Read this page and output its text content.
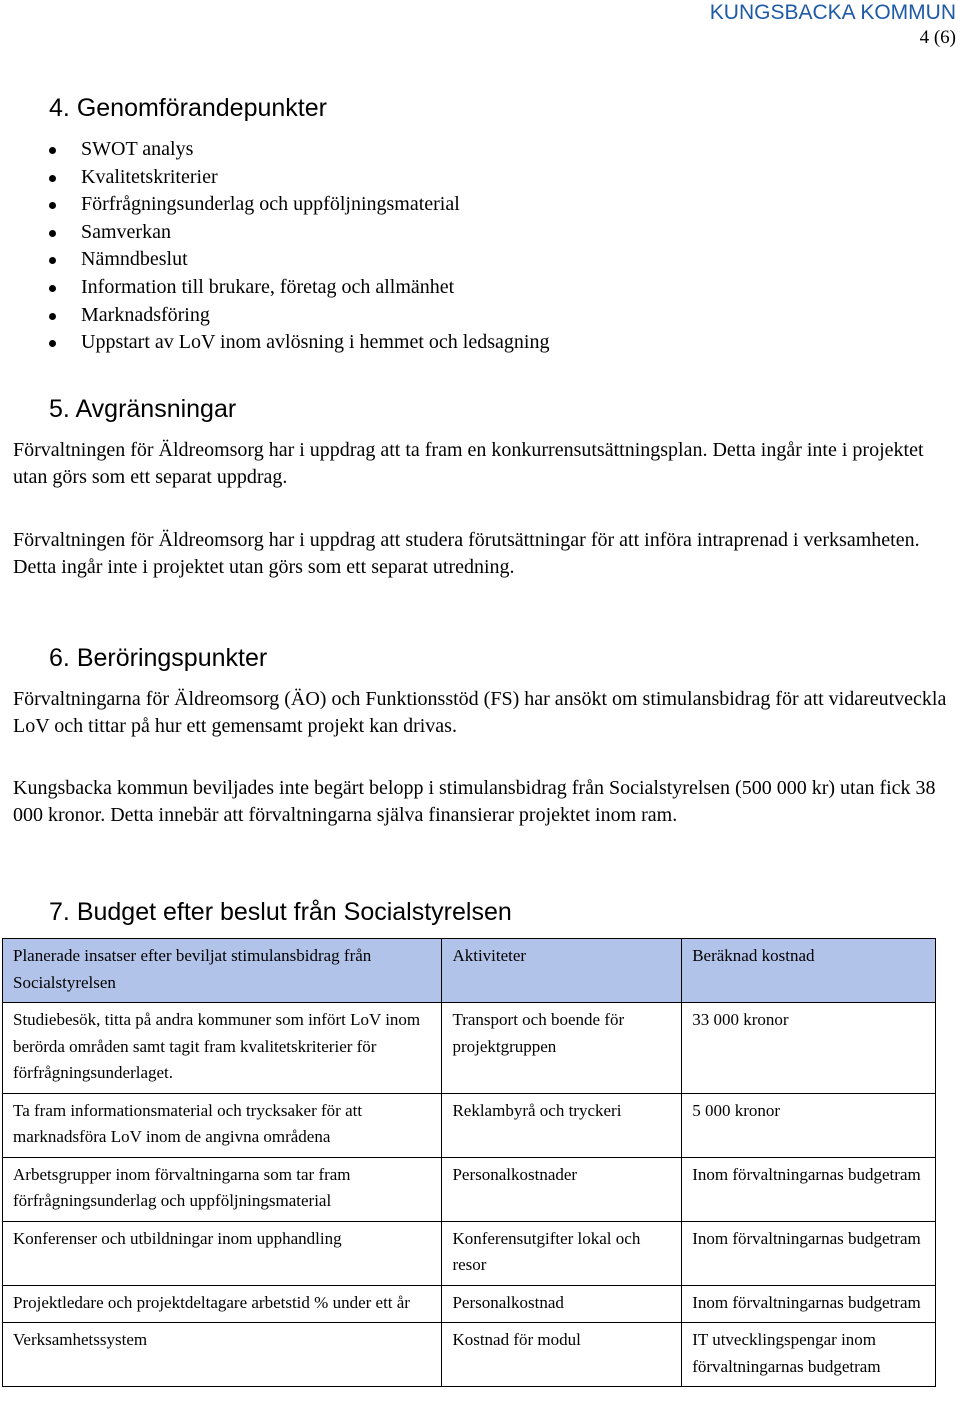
KUNGSBACKA KOMMUN
4 (6)
4. Genomförandepunkter
SWOT analys
Kvalitetskriterier
Förfrågningsunderlag och uppföljningsmaterial
Samverkan
Nämndbeslut
Information till brukare, företag och allmänhet
Marknadsföring
Uppstart av LoV inom avlösning i hemmet och ledsagning
5. Avgränsningar

Förvaltningen för Äldreomsorg har i uppdrag att ta fram en konkurrensutsättningsplan. Detta ingår inte i projektet utan görs som ett separat uppdrag.

Förvaltningen för Äldreomsorg har i uppdrag att studera förutsättningar för att införa intraprenad i verksamheten. Detta ingår inte i projektet utan görs som ett separat utredning.

6. Beröringspunkter

Förvaltningarna för Äldreomsorg (ÄO) och Funktionsstöd (FS) har ansökt om stimulansbidrag för att vidareutveckla LoV och tittar på hur ett gemensamt projekt kan drivas.

Kungsbacka kommun beviljades inte begärt belopp i stimulansbidrag från Socialstyrelsen (500 000 kr) utan fick 38 000 kronor. Detta innebär att förvaltningarna själva finansierar projektet inom ram.

7. Budget efter beslut från Socialstyrelsen
Planerade insatser efter beviljat stimulansbidrag från Socialstyrelsen	Aktiviteter	Beräknad kostnad
Studiebesök, titta på andra kommuner som infört LoV inom berörda områden samt tagit fram kvalitetskriterier för förfrågningsunderlaget.	Transport och boende för projektgruppen	33 000 kronor
Ta fram informationsmaterial och trycksaker för att marknadsföra LoV inom de angivna områdena	Reklambyrå och tryckeri	5 000 kronor
Arbetsgrupper inom förvaltningarna som tar fram förfrågningsunderlag och uppföljningsmaterial	Personalkostnader	Inom förvaltningarnas budgetram
Konferenser och utbildningar inom upphandling	Konferensutgifter lokal och resor	Inom förvaltningarnas budgetram
Projektledare och projektdeltagare arbetstid % under ett år	Personalkostnad	Inom förvaltningarnas budgetram
Verksamhetssystem	Kostnad för modul	IT utvecklingspengar inom förvaltningarnas budgetram
